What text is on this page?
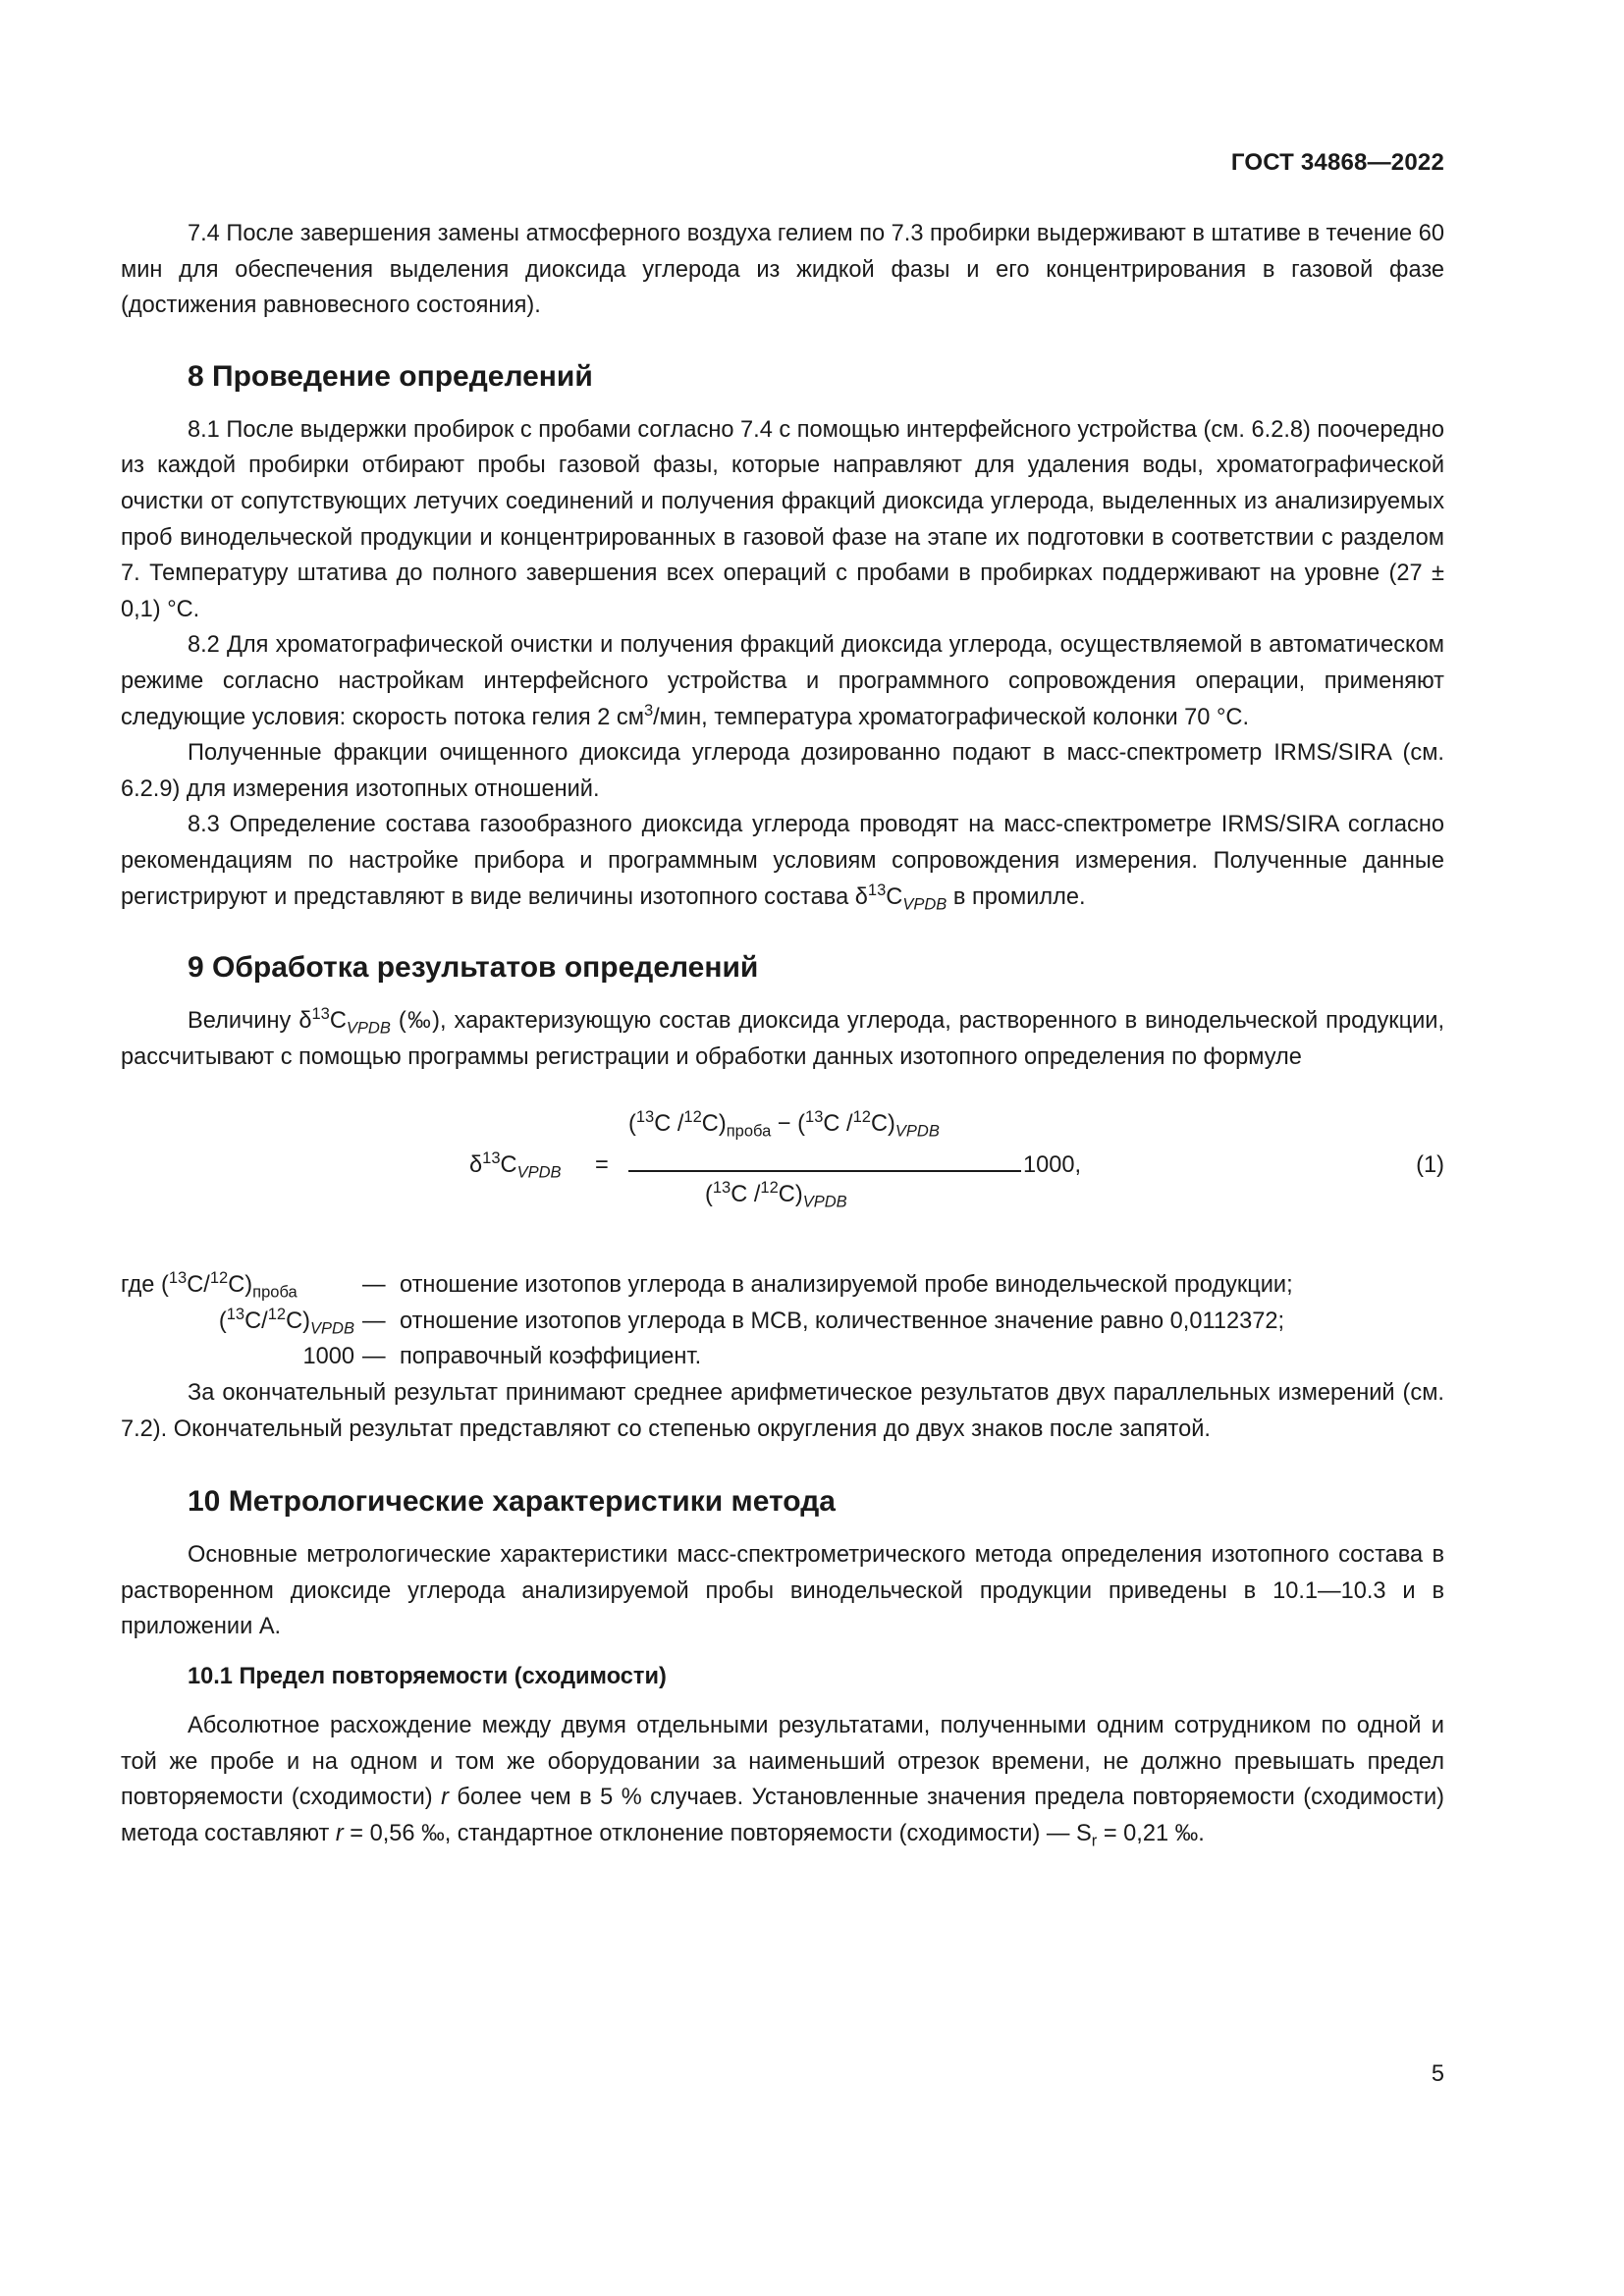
ГОСТ 34868—2022

7.4 После завершения замены атмосферного воздуха гелием по 7.3 пробирки выдерживают в штативе в течение 60 мин для обеспечения выделения диоксида углерода из жидкой фазы и его концентрирования в газовой фазе (достижения равновесного состояния).

8 Проведение определений

8.1 После выдержки пробирок с пробами согласно 7.4 с помощью интерфейсного устройства (см. 6.2.8) поочередно из каждой пробирки отбирают пробы газовой фазы, которые направляют для удаления воды, хроматографической очистки от сопутствующих летучих соединений и получения фракций диоксида углерода, выделенных из анализируемых проб винодельческой продукции и концентрированных в газовой фазе на этапе их подготовки в соответствии с разделом 7. Температуру штатива до полного завершения всех операций с пробами в пробирках поддерживают на уровне (27 ± 0,1) °С.

8.2 Для хроматографической очистки и получения фракций диоксида углерода, осуществляемой в автоматическом режиме согласно настройкам интерфейсного устройства и программного сопровождения операции, применяют следующие условия: скорость потока гелия 2 $см^3$/мин, температура хроматографической колонки 70 °С.

Полученные фракции очищенного диоксида углерода дозированно подают в масс-спектрометр IRMS/SIRA (см. 6.2.9) для измерения изотопных отношений.

8.3 Определение состава газообразного диоксида углерода проводят на масс-спектрометре IRMS/SIRA согласно рекомендациям по настройке прибора и программным условиям сопровождения измерения. Полученные данные регистрируют и представляют в виде величины изотопного состава $\delta^{13}C_{VPDB}$ в промилле.

9 Обработка результатов определений

Величину $\delta^{13}C_{VPDB}$ (‰), характеризующую состав диоксида углерода, растворенного в винодельческой продукции, рассчитывают с помощью программы регистрации и обработки данных изотопного определения по формуле

$\delta^{13}C_{VPDB}$ =
($^{13}$C $/^{12}C)_{проба} - (^{13}C$ $/^{12}C)_{VPDB}$
($^{13}$C $/^{12}C)_{VPDB}$
1000,	(1)
где $(^{13}C/^{12}C)_{проба}$	— отношение изотопов углерода в анализируемой пробе винодельческой продукции;
$(^{13}C/^{12}C)_{VPDB}$ — отношение изотопов углерода в МСВ, количественное значение равно 0,0112372;
1000 — поправочный коэффициент.

За окончательный результат принимают среднее арифметическое результатов двух параллельных измерений (см. 7.2). Окончательный результат представляют со степенью округления до двух знаков после запятой.

10 Метрологические характеристики метода

Основные метрологические характеристики масс-спектрометрического метода определения изотопного состава в растворенном диоксиде углерода анализируемой пробы винодельческой продукции приведены в 10.1—10.3 и в приложении А.

10.1 Предел повторяемости (сходимости)

Абсолютное расхождение между двумя отдельными результатами, полученными одним сотрудником по одной и той же пробе и на одном и том же оборудовании за наименьший отрезок времени, не должно превышать предел повторяемости (сходимости) r более чем в 5 % случаев. Установленные значения предела повторяемости (сходимости) метода составляют r = 0,56 ‰, стандартное отклонение повторяемости (сходимости) — $S_r = 0,21$ ‰.

5
